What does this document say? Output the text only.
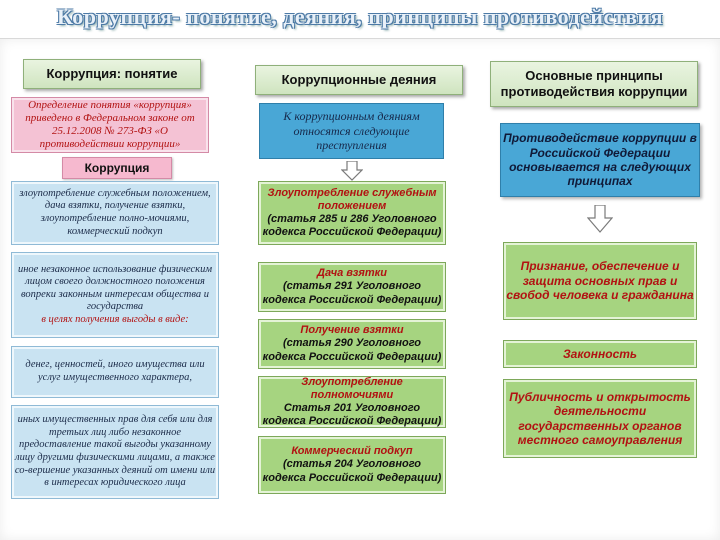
Коррупция- понятие, деяния, принципы противодействия
Коррупция: понятие
Определение понятия «коррупция» приведено в Федеральном законе от 25.12.2008 № 273-ФЗ «О противодействии коррупции»
Коррупция
злоупотребление служебным положением, дача взятки, получение взятки, злоупотребление полно-мочиями, коммерческий подкуп
иное незаконное использование физическим лицом своего должностного положения вопреки законным интересам общества и государства
в целях получения выгоды в виде:
денег, ценностей, иного имущества или услуг имущественного характера,
иных имущественных прав для себя или для третьих лиц либо незаконное предоставление такой выгоды указанному лицу другими физическими лицами, а также со-вершение указанных деяний от имени или в интересах юридического лица
Коррупционные деяния
К коррупционным деяниям относятся следующие преступления
Злоупотребление служебным положением
(статья 285 и 286 Уголовного кодекса Российской Федерации)
Дача взятки
(статья 291 Уголовного кодекса Российской Федерации)
Получение взятки
(статья 290 Уголовного кодекса Российской Федерации)
Злоупотребление полномочиями
Статья 201 Уголовного кодекса Российской Федерации)
Коммерческий подкуп
(статья 204 Уголовного кодекса Российской Федерации)
Основные принципы противодействия коррупции
Противодействие коррупции в Российской Федерации основывается на следующих принципах
Признание, обеспечение и защита основных прав и свобод человека и гражданина
Законность
Публичность и открытость деятельности государственных органов местного самоуправления
